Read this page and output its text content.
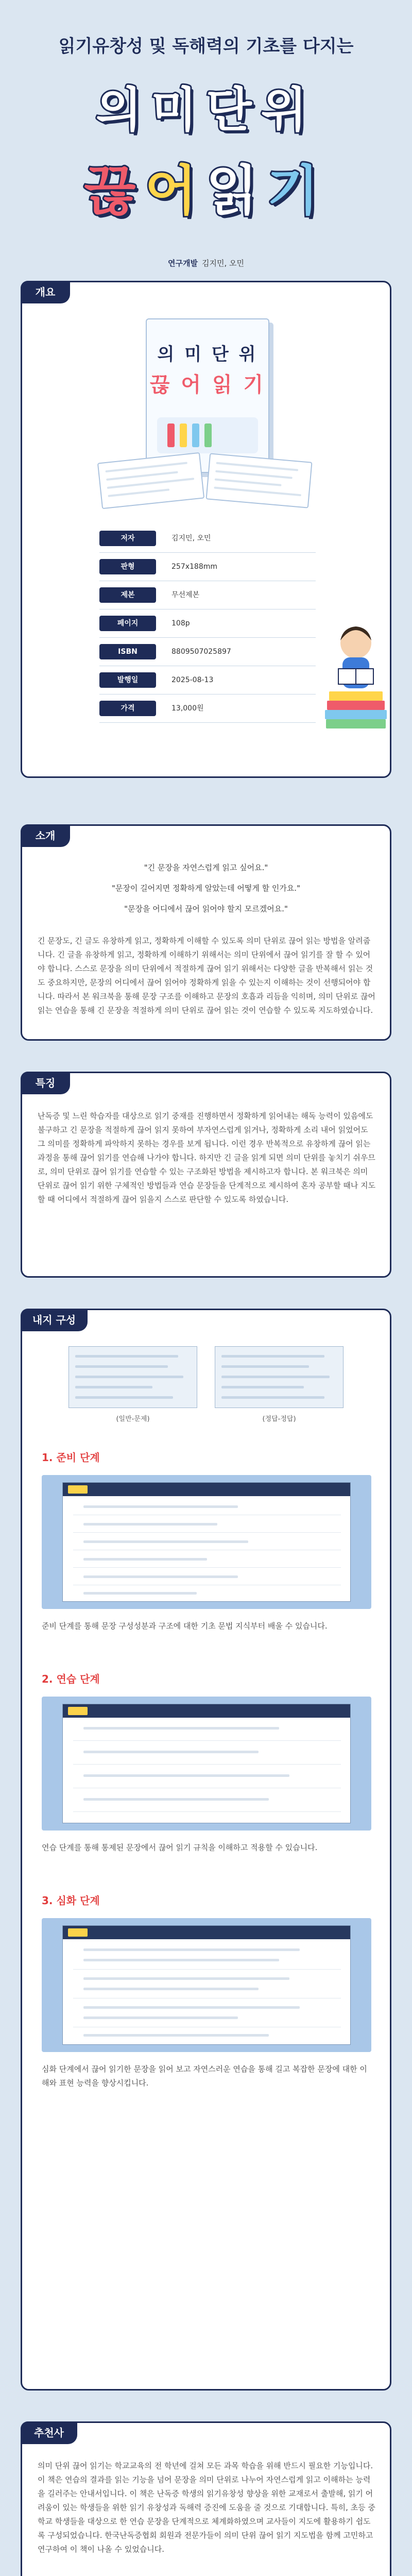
읽기유창성 및 독해력의 기초를 다지는
의미단위
끊어읽기
연구개발 김지민, 오민
개요
의 미 단 위
끊 어 읽 기
저자	김지민, 오민
판형	257x188mm
제본	무선제본
페이지	108p
ISBN	8809507025897
발행일	2025-08-13
가격	13,000원
소개
"긴 문장을 자연스럽게 읽고 싶어요."
"문장이 길어지면 정확하게 알았는데 어떻게 할 인가요."
"문장을 어디에서 끊어 읽어야 할지 모르겠어요."
긴 문장도, 긴 글도 유창하게 읽고, 정확하게 이해할 수 있도록 의미 단위로 끊어 읽는 방법을 알려줍니다. 긴 글을 유창하게 읽고, 정확하게 이해하기 위해서는 의미 단위에서 끊어 읽기를 잘 할 수 있어야 합니다. 스스로 문장을 의미 단위에서 적절하게 끊어 읽기 위해서는 다양한 글을 반복해서 읽는 것도 중요하지만, 문장의 어디에서 끊어 읽어야 정확하게 읽을 수 있는지 이해하는 것이 선행되어야 합니다. 따라서 본 워크북을 통해 문장 구조를 이해하고 문장의 호흡과 리듬을 익히며, 의미 단위로 끊어 읽는 연습을 통해 긴 문장을 적절하게 의미 단위로 끊어 읽는 것이 연습할 수 있도록 지도하였습니다.
특징
난독증 및 느린 학습자를 대상으로 읽기 중재를 진행하면서 정확하게 읽어내는 해독 능력이 있음에도 불구하고 긴 문장을 적절하게 끊어 읽지 못하여 부자연스럽게 읽거나, 정확하게 소리 내어 읽었어도 그 의미를 정확하게 파악하지 못하는 경우를 보게 됩니다. 이런 경우 반복적으로 유창하게 끊어 읽는 과정을 통해 끊어 읽기를 연습해 나가야 합니다. 하지만 긴 글을 읽게 되면 의미 단위를 놓치기 쉬우므로, 의미 단위로 끊어 읽기를 연습할 수 있는 구조화된 방법을 제시하고자 합니다. 본 워크북은 의미 단위로 끊어 읽기 위한 구체적인 방법들과 연습 문장들을 단계적으로 제시하여 혼자 공부할 때나 지도할 때 어디에서 적절하게 끊어 읽을지 스스로 판단할 수 있도록 하였습니다.
내지 구성
(일반-문제)	(정답-정답)
1. 준비 단계
준비 단계를 통해 문장 구성성분과 구조에 대한 기초 문법 지식부터 배울 수 있습니다.
2. 연습 단계
연습 단계를 통해 통제된 문장에서 끊어 읽기 규칙을 이해하고 적용할 수 있습니다.
3. 심화 단계
심화 단계에서 끊어 읽기한 문장을 읽어 보고 자연스러운 연습을 통해 길고 복잡한 문장에 대한 이해와 표현 능력을 향상시킵니다.
추천사
의미 단위 끊어 읽기는 학교교육의 전 학년에 걸쳐 모든 과목 학습을 위해 반드시 필요한 기능입니다. 이 책은 연습의 결과를 읽는 기능을 넘어 문장을 의미 단위로 나누어 자연스럽게 읽고 이해하는 능력을 길러주는 안내서입니다. 이 책은 난독증 학생의 읽기유창성 향상을 위한 교재로서 출발해, 읽기 어려움이 있는 학생들을 위한 읽기 유창성과 독해력 증진에 도움을 줄 것으로 기대합니다. 특히, 초등 중학교 학생들을 대상으로 한 연습 문장을 단계적으로 체계화하였으며 교사들이 지도에 활용하기 쉽도록 구성되었습니다. 한국난독증협회 회원과 전문가들이 의미 단위 끊어 읽기 지도법을 함께 고민하고 연구하여 이 책이 나올 수 있었습니다.
